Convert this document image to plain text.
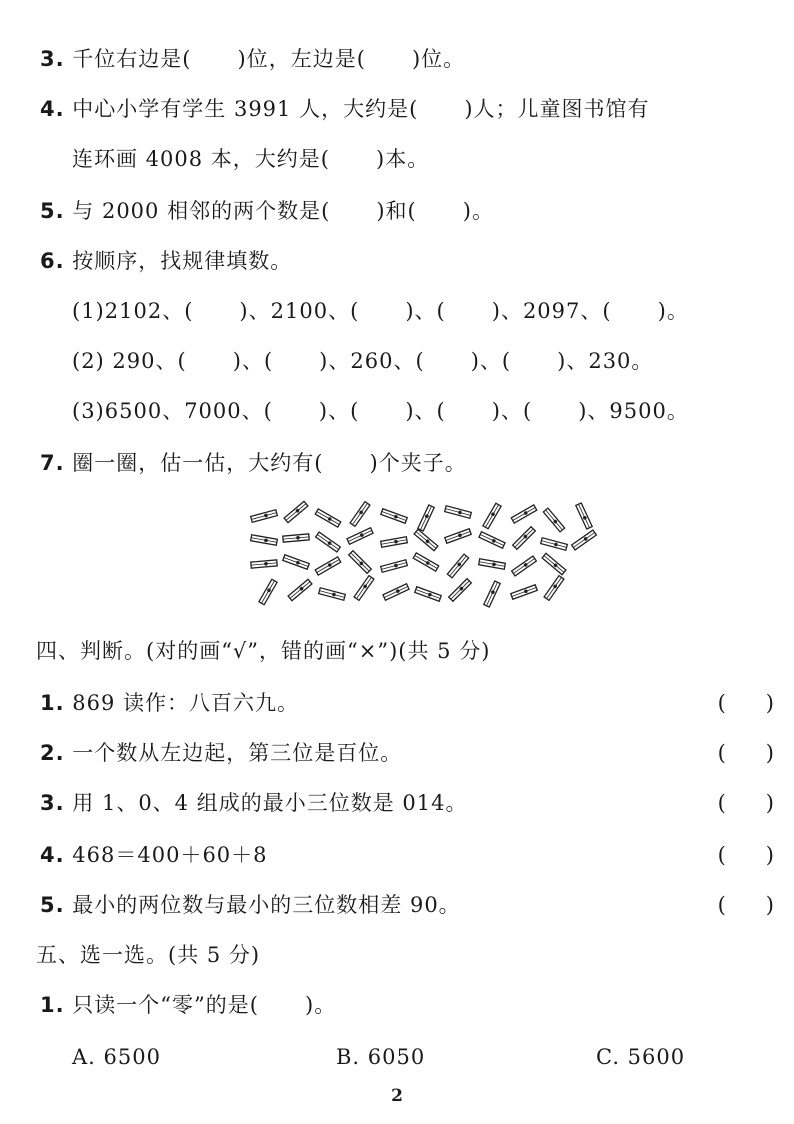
3. 千位右边是(      )位，左边是(      )位。
4. 中心小学有学生 3991 人，大约是(      )人；儿童图书馆有
连环画 4008 本，大约是(      )本。
5. 与 2000 相邻的两个数是(      )和(      )。
6. 按顺序，找规律填数。
(1)2102、(      )、2100、(      )、(      )、2097、(      )。
(2) 290、(      )、(      )、260、(      )、(      )、230。
(3)6500、7000、(      )、(      )、(      )、(      )、9500。
7. 圈一圈，估一估，大约有(      )个夹子。
四、判断。(对的画“√”，错的画“×”)(共 5 分)
1. 869 读作：八百六九。	(      )
2. 一个数从左边起，第三位是百位。	(      )
3. 用 1、0、4 组成的最小三位数是 014。	(      )
4. 468＝400＋60＋8	(      )
5. 最小的两位数与最小的三位数相差 90。	(      )
五、选一选。(共 5 分)
1. 只读一个“零”的是(      )。
A. 6500	B. 6050	C. 5600
2
